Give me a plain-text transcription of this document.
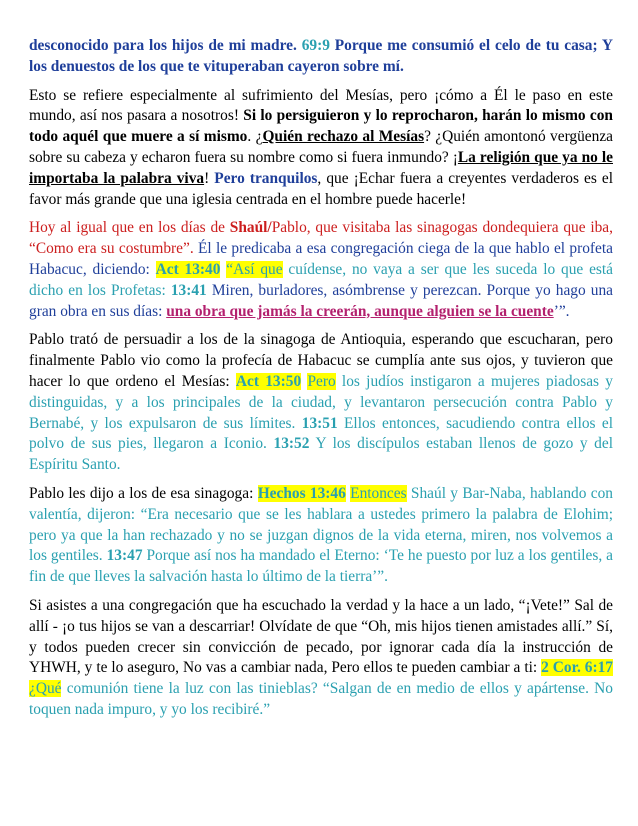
desconocido para los hijos de mi madre. 69:9 Porque me consumió el celo de tu casa; Y los denuestos de los que te vituperaban cayeron sobre mí.

Esto se refiere especialmente al sufrimiento del Mesías, pero ¡cómo a Él le paso en este mundo, así nos pasara a nosotros! Si lo persiguieron y lo reprocharon, harán lo mismo con todo aquél que muere a sí mismo. ¿Quién rechazo al Mesías? ¿Quién amontonó vergüenza sobre su cabeza y echaron fuera su nombre como si fuera inmundo? ¡La religión que ya no le importaba la palabra viva! Pero tranquilos, que ¡Echar fuera a creyentes verdaderos es el favor más grande que una iglesia centrada en el hombre puede hacerle!

Hoy al igual que en los días de Shaúl/Pablo, que visitaba las sinagogas dondequiera que iba, “Como era su costumbre”. Él le predicaba a esa congregación ciega de la que hablo el profeta Habacuc, diciendo: Act 13:40 “Así que cuídense, no vaya a ser que les suceda lo que está dicho en los Profetas: 13:41 Miren, burladores, asómbrense y perezcan. Porque yo hago una gran obra en sus días: una obra que jamás la creerán, aunque alguien se la cuente’”.

Pablo trató de persuadir a los de la sinagoga de Antioquia, esperando que escucharan, pero finalmente Pablo vio como la profecía de Habacuc se cumplía ante sus ojos, y tuvieron que hacer lo que ordeno el Mesías: Act 13:50 Pero los judíos instigaron a mujeres piadosas y distinguidas, y a los principales de la ciudad, y levantaron persecución contra Pablo y Bernabé, y los expulsaron de sus límites. 13:51 Ellos entonces, sacudiendo contra ellos el polvo de sus pies, llegaron a Iconio. 13:52 Y los discípulos estaban llenos de gozo y del Espíritu Santo.

Pablo les dijo a los de esa sinagoga: Hechos 13:46 Entonces Shaúl y Bar-Naba, hablando con valentía, dijeron: “Era necesario que se les hablara a ustedes primero la palabra de Elohim; pero ya que la han rechazado y no se juzgan dignos de la vida eterna, miren, nos volvemos a los gentiles. 13:47 Porque así nos ha mandado el Eterno: ‘Te he puesto por luz a los gentiles, a fin de que lleves la salvación hasta lo último de la tierra’”.

Si asistes a una congregación que ha escuchado la verdad y la hace a un lado, “¡Vete!” Sal de allí - ¡o tus hijos se van a descarriar! Olvídate de que “Oh, mis hijos tienen amistades allí.” Sí, y todos pueden crecer sin convicción de pecado, por ignorar cada día la instrucción de YHWH, y te lo aseguro, No vas a cambiar nada, Pero ellos te pueden cambiar a ti: 2 Cor. 6:17 ¿Qué comunión tiene la luz con las tinieblas? “Salgan de en medio de ellos y apártense. No toquen nada impuro, y yo los recibiré.”
